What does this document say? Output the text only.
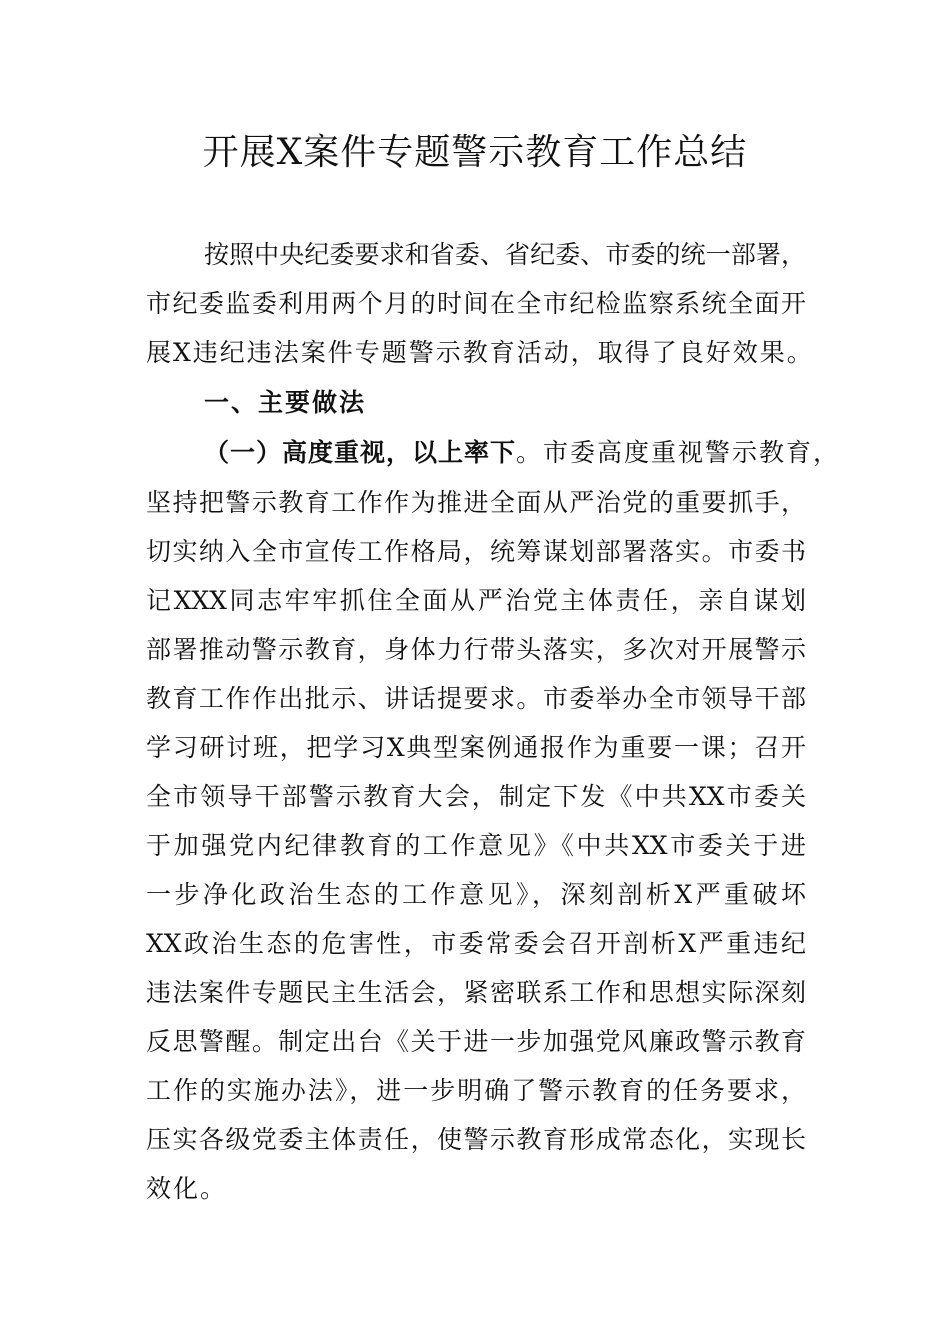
开展X案件专题警示教育工作总结
按照中央纪委要求和省委、省纪委、市委的统一部署，
市纪委监委利用两个月的时间在全市纪检监察系统全面开
展X违纪违法案件专题警示教育活动，取得了良好效果。
一、主要做法
（一）高度重视，以上率下。市委高度重视警示教育，
坚持把警示教育工作作为推进全面从严治党的重要抓手，
切实纳入全市宣传工作格局，统筹谋划部署落实。市委书
记XXX同志牢牢抓住全面从严治党主体责任，亲自谋划
部署推动警示教育，身体力行带头落实，多次对开展警示
教育工作作出批示、讲话提要求。市委举办全市领导干部
学习研讨班，把学习X典型案例通报作为重要一课；召开
全市领导干部警示教育大会，制定下发《中共XX市委关
于加强党内纪律教育的工作意见》《中共XX市委关于进
一步净化政治生态的工作意见》，深刻剖析X严重破坏
XX政治生态的危害性，市委常委会召开剖析X严重违纪
违法案件专题民主生活会，紧密联系工作和思想实际深刻
反思警醒。制定出台《关于进一步加强党风廉政警示教育
工作的实施办法》，进一步明确了警示教育的任务要求，
压实各级党委主体责任，使警示教育形成常态化，实现长
效化。
